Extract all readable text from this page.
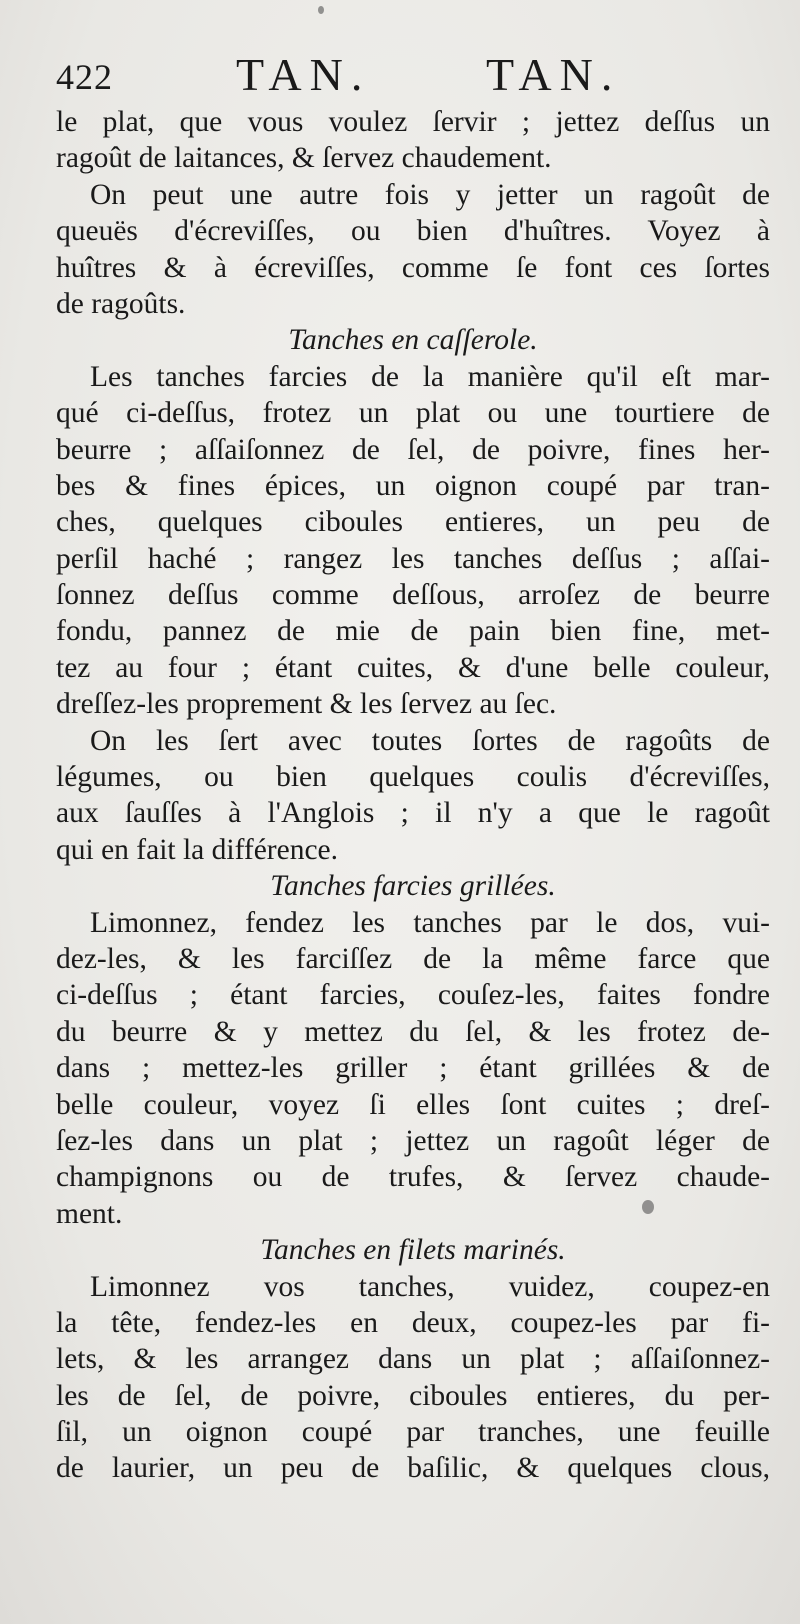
422	TAN.	TAN.
le plat, que vous voulez ſervir ; jettez deſſus un
ragoût de laitances, & ſervez chaudement.
On peut une autre fois y jetter un ragoût de
queuës d'écreviſſes, ou bien d'huîtres. Voyez à
huîtres & à écreviſſes, comme ſe font ces ſortes
de ragoûts.
Tanches en caſſerole.
Les tanches farcies de la manière qu'il eſt mar-
qué ci-deſſus, frotez un plat ou une tourtiere de
beurre ; aſſaiſonnez de ſel, de poivre, fines her-
bes & fines épices, un oignon coupé par tran-
ches, quelques ciboules entieres, un peu de
perſil haché ; rangez les tanches deſſus ; aſſai-
ſonnez deſſus comme deſſous, arroſez de beurre
fondu, pannez de mie de pain bien fine, met-
tez au four ; étant cuites, & d'une belle couleur,
dreſſez-les proprement & les ſervez au ſec.
On les ſert avec toutes ſortes de ragoûts de
légumes, ou bien quelques coulis d'écreviſſes,
aux ſauſſes à l'Anglois ; il n'y a que le ragoût
qui en fait la différence.
Tanches farcies grillées.
Limonnez, fendez les tanches par le dos, vui-
dez-les, & les farciſſez de la même farce que
ci-deſſus ; étant farcies, couſez-les, faites fondre
du beurre & y mettez du ſel, & les frotez de-
dans ; mettez-les griller ; étant grillées & de
belle couleur, voyez ſi elles ſont cuites ; dreſ-
ſez-les dans un plat ; jettez un ragoût léger de
champignons ou de trufes, & ſervez chaude-
ment.
Tanches en filets marinés.
Limonnez vos tanches, vuidez, coupez-en
la tête, fendez-les en deux, coupez-les par fi-
lets, & les arrangez dans un plat ; aſſaiſonnez-
les de ſel, de poivre, ciboules entieres, du per-
ſil, un oignon coupé par tranches, une feuille
de laurier, un peu de baſilic, & quelques clous,
